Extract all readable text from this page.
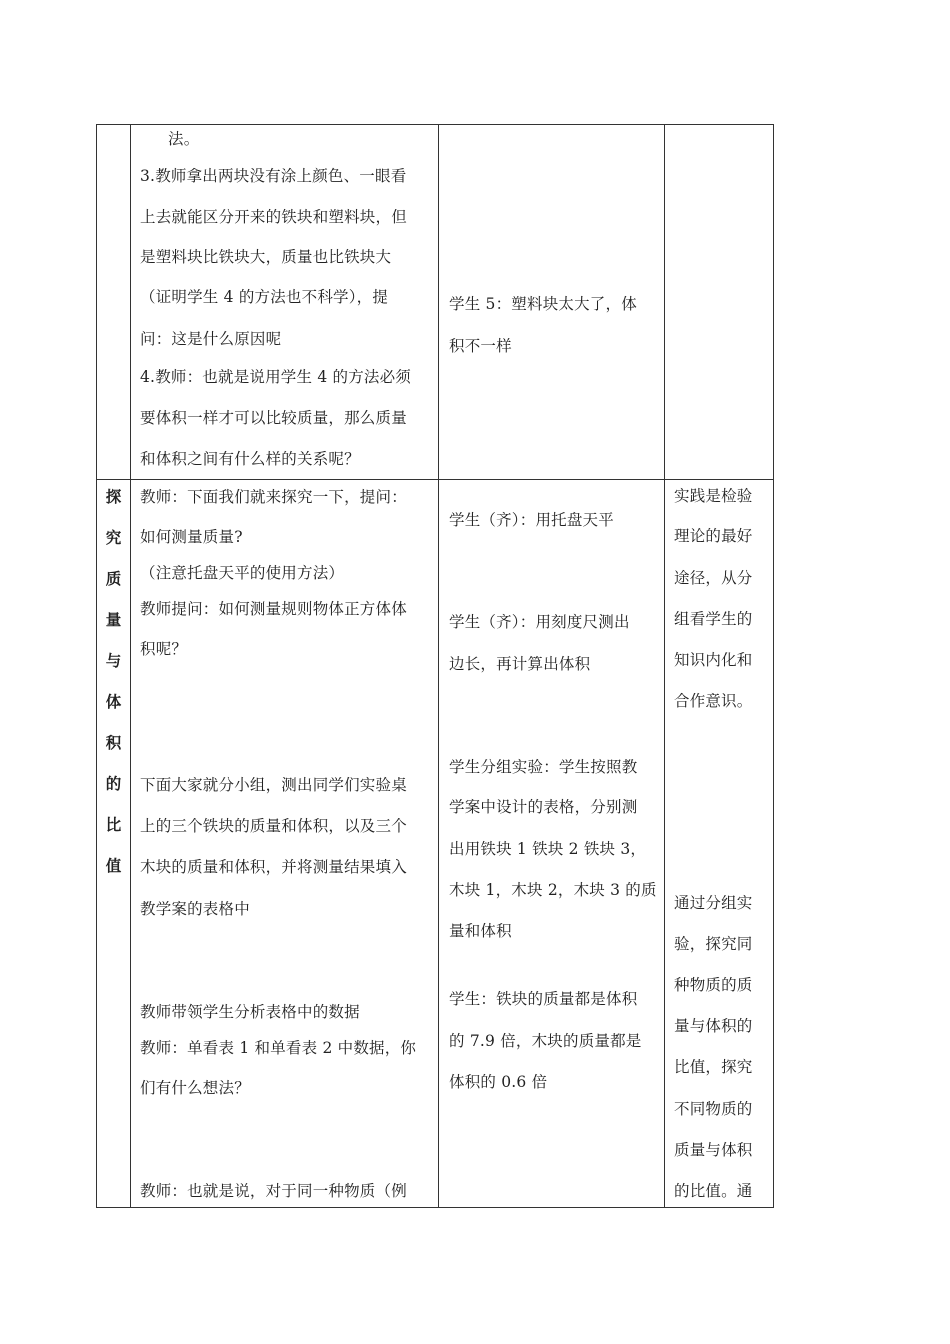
法。
3.教师拿出两块没有涂上颜色、一眼看
上去就能区分开来的铁块和塑料块，但
是塑料块比铁块大，质量也比铁块大
（证明学生 4 的方法也不科学），提
问：这是什么原因呢
4.教师：也就是说用学生 4 的方法必须
要体积一样才可以比较质量，那么质量
和体积之间有什么样的关系呢？
学生 5：塑料块太大了，体
积不一样
探
究
质
量
与
体
积
的
比
值
教师：下面我们就来探究一下，提问：
如何测量质量?
（注意托盘天平的使用方法）
教师提问：如何测量规则物体正方体体
积呢？
下面大家就分小组，测出同学们实验桌
上的三个铁块的质量和体积，以及三个
木块的质量和体积，并将测量结果填入
教学案的表格中
教师带领学生分析表格中的数据
教师：单看表 1 和单看表 2 中数据，你
们有什么想法？
教师：也就是说，对于同一种物质（例
学生（齐）：用托盘天平
学生（齐）：用刻度尺测出
边长，再计算出体积
学生分组实验：学生按照教
学案中设计的表格，分别测
出用铁块 1 铁块 2 铁块 3，
木块 1，木块 2，木块 3 的质
量和体积
学生：铁块的质量都是体积
的 7.9 倍，木块的质量都是
体积的 0.6 倍
实践是检验
理论的最好
途径，从分
组看学生的
知识内化和
合作意识。
通过分组实
验，探究同
种物质的质
量与体积的
比值，探究
不同物质的
质量与体积
的比值。通
